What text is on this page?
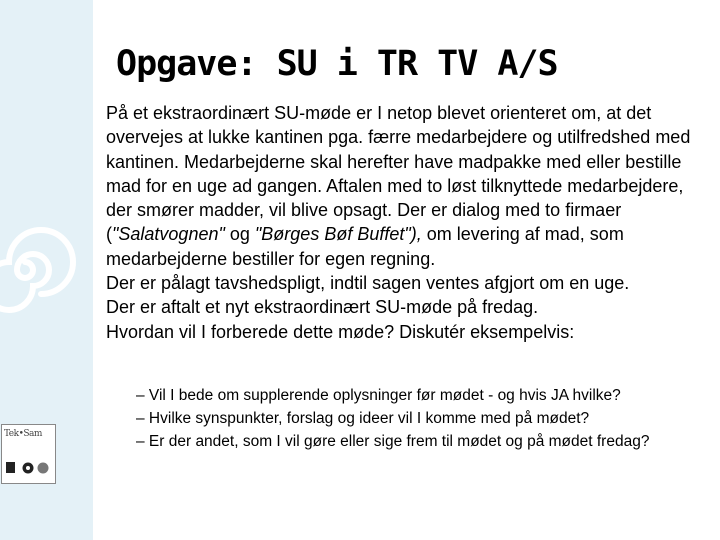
Tek•Sam
Opgave: SU i TR TV A/S

På et ekstraordinært SU-møde er I netop blevet orienteret om, at det overvejes at lukke kantinen pga. færre medarbejdere og utilfredshed med kantinen. Medarbejderne skal herefter have madpakke med eller bestille mad for en uge ad gangen. Aftalen med to løst tilknyttede medarbejdere, der smører madder, vil blive opsagt. Der er dialog med to firmaer ("Salatvognen" og "Børges Bøf Buffet"), om levering af mad, som medarbejderne bestiller for egen regning.

Der er pålagt tavshedspligt, indtil sagen ventes afgjort om en uge.

Der er aftalt et nyt ekstraordinært SU-møde på fredag.

Hvordan vil I forberede dette møde? Diskutér eksempelvis:

– Vil I bede om supplerende oplysninger før mødet - og hvis JA hvilke?

– Hvilke synspunkter, forslag og ideer vil I komme med på mødet?

– Er der andet, som I vil gøre eller sige frem til mødet og på mødet fredag?
